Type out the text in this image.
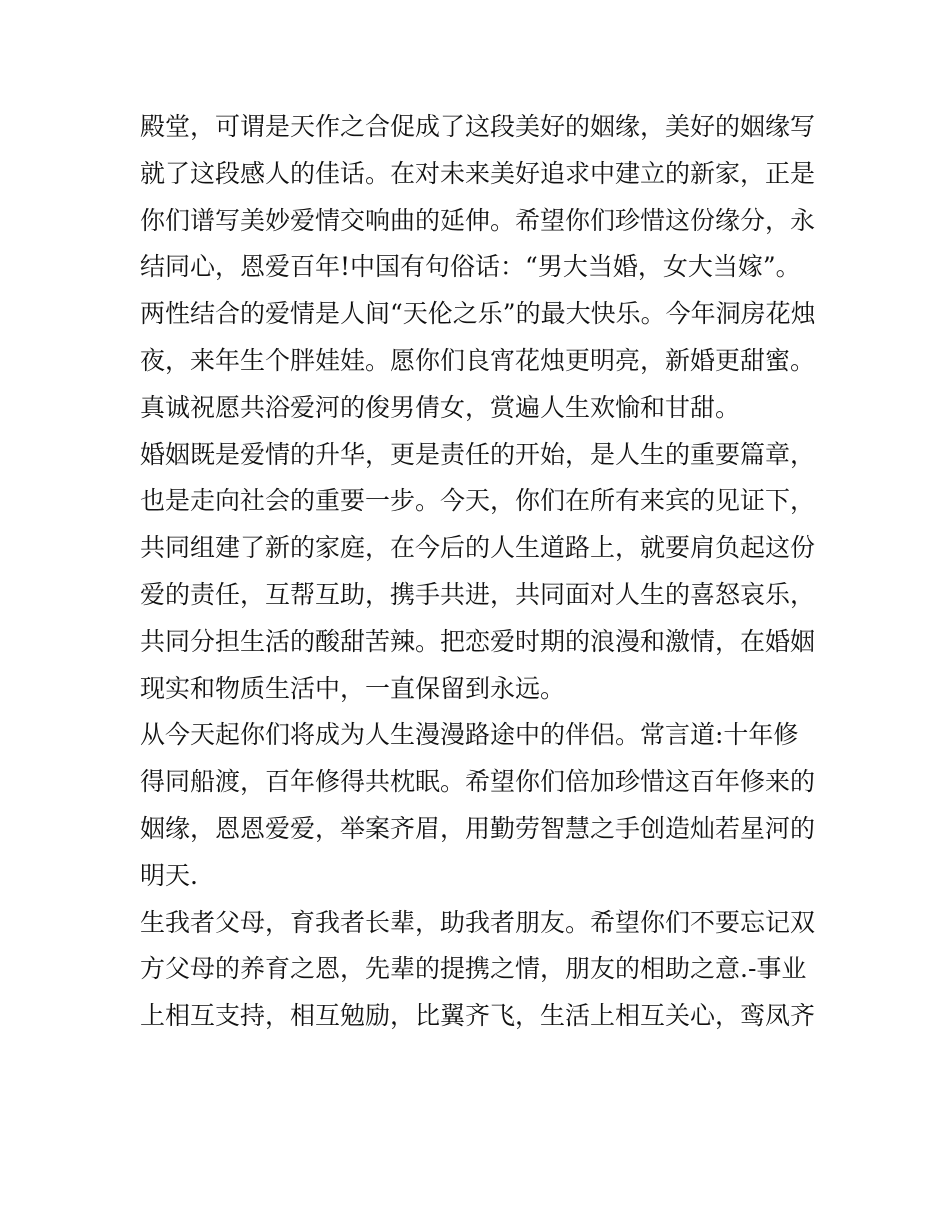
殿堂，可谓是天作之合促成了这段美好的姻缘，美好的姻缘写
就了这段感人的佳话。在对未来美好追求中建立的新家，正是
你们谱写美妙爱情交响曲的延伸。希望你们珍惜这份缘分，永
结同心，恩爱百年!中国有句俗话：“男大当婚，女大当嫁”。
两性结合的爱情是人间“天伦之乐”的最大快乐。今年洞房花烛
夜，来年生个胖娃娃。愿你们良宵花烛更明亮，新婚更甜蜜。
真诚祝愿共浴爱河的俊男倩女，赏遍人生欢愉和甘甜。
婚姻既是爱情的升华，更是责任的开始，是人生的重要篇章，
也是走向社会的重要一步。今天，你们在所有来宾的见证下，
共同组建了新的家庭，在今后的人生道路上，就要肩负起这份
爱的责任，互帮互助，携手共进，共同面对人生的喜怒哀乐，
共同分担生活的酸甜苦辣。把恋爱时期的浪漫和激情，在婚姻
现实和物质生活中，一直保留到永远。
从今天起你们将成为人生漫漫路途中的伴侣。常言道:十年修
得同船渡，百年修得共枕眠。希望你们倍加珍惜这百年修来的
姻缘，恩恩爱爱，举案齐眉，用勤劳智慧之手创造灿若星河的
明天.
生我者父母，育我者长辈，助我者朋友。希望你们不要忘记双
方父母的养育之恩，先辈的提携之情，朋友的相助之意.-事业
上相互支持，相互勉励，比翼齐飞，生活上相互关心，鸾凤齐
